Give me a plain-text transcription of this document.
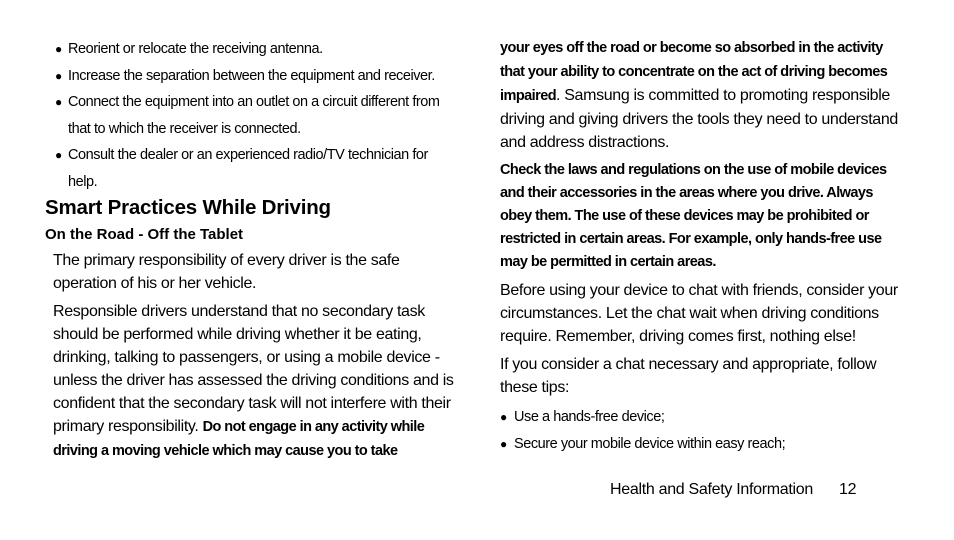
● Reorient or relocate the receiving antenna.
● Increase the separation between the equipment and receiver.
● Connect the equipment into an outlet on a circuit different from that to which the receiver is connected.
● Consult the dealer or an experienced radio/TV technician for help.
Smart Practices While Driving
On the Road - Off the Tablet

The primary responsibility of every driver is the safe operation of his or her vehicle.

Responsible drivers understand that no secondary task should be performed while driving whether it be eating, drinking, talking to passengers, or using a mobile device - unless the driver has assessed the driving conditions and is confident that the secondary task will not interfere with their primary responsibility. Do not engage in any activity while driving a moving vehicle which may cause you to take

your eyes off the road or become so absorbed in the activity that your ability to concentrate on the act of driving becomes impaired. Samsung is committed to promoting responsible driving and giving drivers the tools they need to understand and address distractions.

Check the laws and regulations on the use of mobile devices and their accessories in the areas where you drive. Always obey them. The use of these devices may be prohibited or restricted in certain areas. For example, only hands-free use may be permitted in certain areas.

Before using your device to chat with friends, consider your circumstances. Let the chat wait when driving conditions require. Remember, driving comes first, nothing else!

If you consider a chat necessary and appropriate, follow these tips:

● Use a hands-free device;
● Secure your mobile device within easy reach;
Health and Safety Information 12
